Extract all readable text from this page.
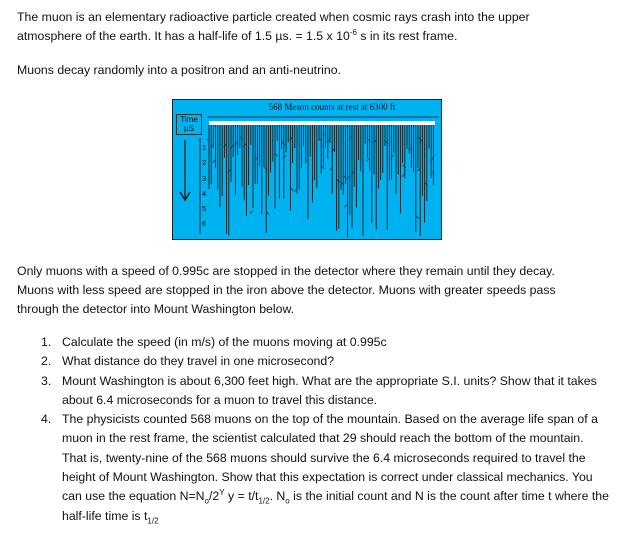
The muon is an elementary radioactive particle created when cosmic rays crash into the upper
atmosphere of the earth. It has a half-life of 1.5 µs. = 1.5 x $10^{-6}$ s in its rest frame.

Muons decay randomly into a positron and an anti-neutrino.

568 Meson counts at rest at 6300 ft
Time
µS
1
2
3
4
5
6

Only muons with a speed of 0.995c are stopped in the detector where they remain until they decay.
Muons with less speed are stopped in the iron above the detector. Muons with greater speeds pass
through the detector into Mount Washington below.

1. Calculate the speed (in m/s) of the muons moving at 0.995c
2. What distance do they travel in one microsecond?
3. Mount Washington is about 6,300 feet high. What are the appropriate S.I. units? Show that it takes about 6.4 microseconds for a muon to travel this distance.
4. The physicists counted 568 muons on the top of the mountain. Based on the average life span of a muon in the rest frame, the scientist calculated that 29 should reach the bottom of the mountain. That is, twenty-nine of the 568 muons should survive the 6.4 microseconds required to travel the height of Mount Washington. Show that this expectation is correct under classical mechanics. You can use the equation $N=N_o/2^Y$ $y = t/t_{1/2}$. $N_o$ is the initial count and N is the count after time t where the half-life time is $t_{1/2}$
